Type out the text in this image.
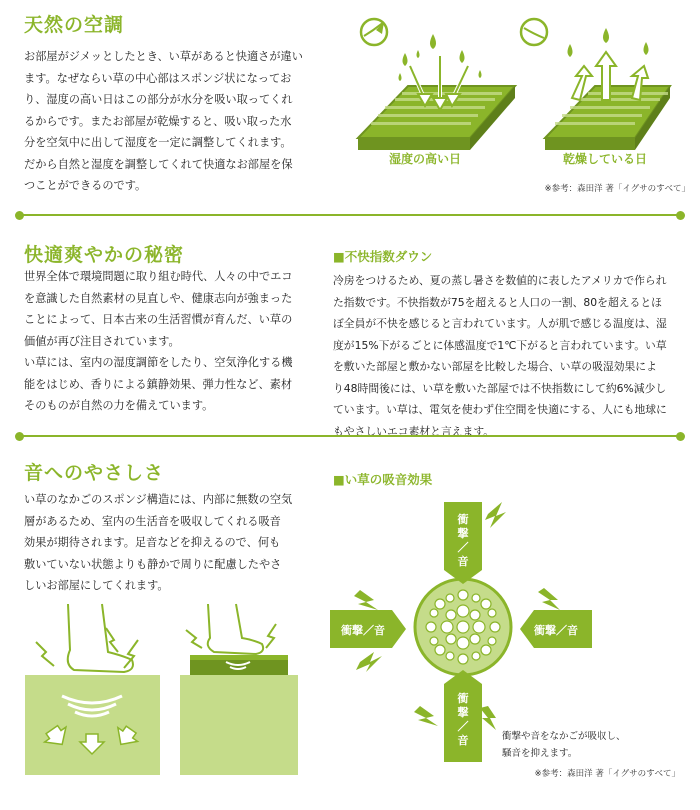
天然の空調
お部屋がジメッとしたとき、い草があると快適さが違い
ます。なぜならい草の中心部はスポンジ状になってお
り、湿度の高い日はこの部分が水分を吸い取ってくれ
るからです。またお部屋が乾燥すると、吸い取った水
分を空気中に出して湿度を一定に調整してくれます。
だから自然と湿度を調整してくれて快適なお部屋を保
つことができるのです。
湿度の高い日	乾燥している日
※参考：森田洋 著「イグサのすべて」
快適爽やかの秘密
世界全体で環境問題に取り組む時代、人々の中でエコ
を意識した自然素材の見直しや、健康志向が強まった
ことによって、日本古来の生活習慣が育んだ、い草の
価値が再び注目されています。
い草には、室内の湿度調節をしたり、空気浄化する機
能をはじめ、香りによる鎮静効果、弾力性など、素材
そのものが自然の力を備えています。
■不快指数ダウン
冷房をつけるため、夏の蒸し暑さを数値的に表したアメリカで作られ
た指数です。不快指数が75を超えると人口の一割、80を超えるとほ
ぼ全員が不快を感じると言われています。人が肌で感じる温度は、湿
度が15%下がるごとに体感温度で1℃下がると言われています。い草
を敷いた部屋と敷かない部屋を比較した場合、い草の吸湿効果によ
り48時間後には、い草を敷いた部屋では不快指数にして約6%減少し
ています。い草は、電気を使わず住空間を快適にする、人にも地球に
もやさしいエコ素材と言えます。
音へのやさしさ
い草のなかごのスポンジ構造には、内部に無数の空気
層があるため、室内の生活音を吸収してくれる吸音
効果が期待されます。足音などを抑えるので、何も
敷いていない状態よりも静かで周りに配慮したやさ
しいお部屋にしてくれます。
■い草の吸音効果
衝
撃
／
音
衝
撃
／
音
衝撃／音	衝撃／音
衝撃や音をなかごが吸収し、
騒音を抑えます。
※参考：森田洋 著「イグサのすべて」
